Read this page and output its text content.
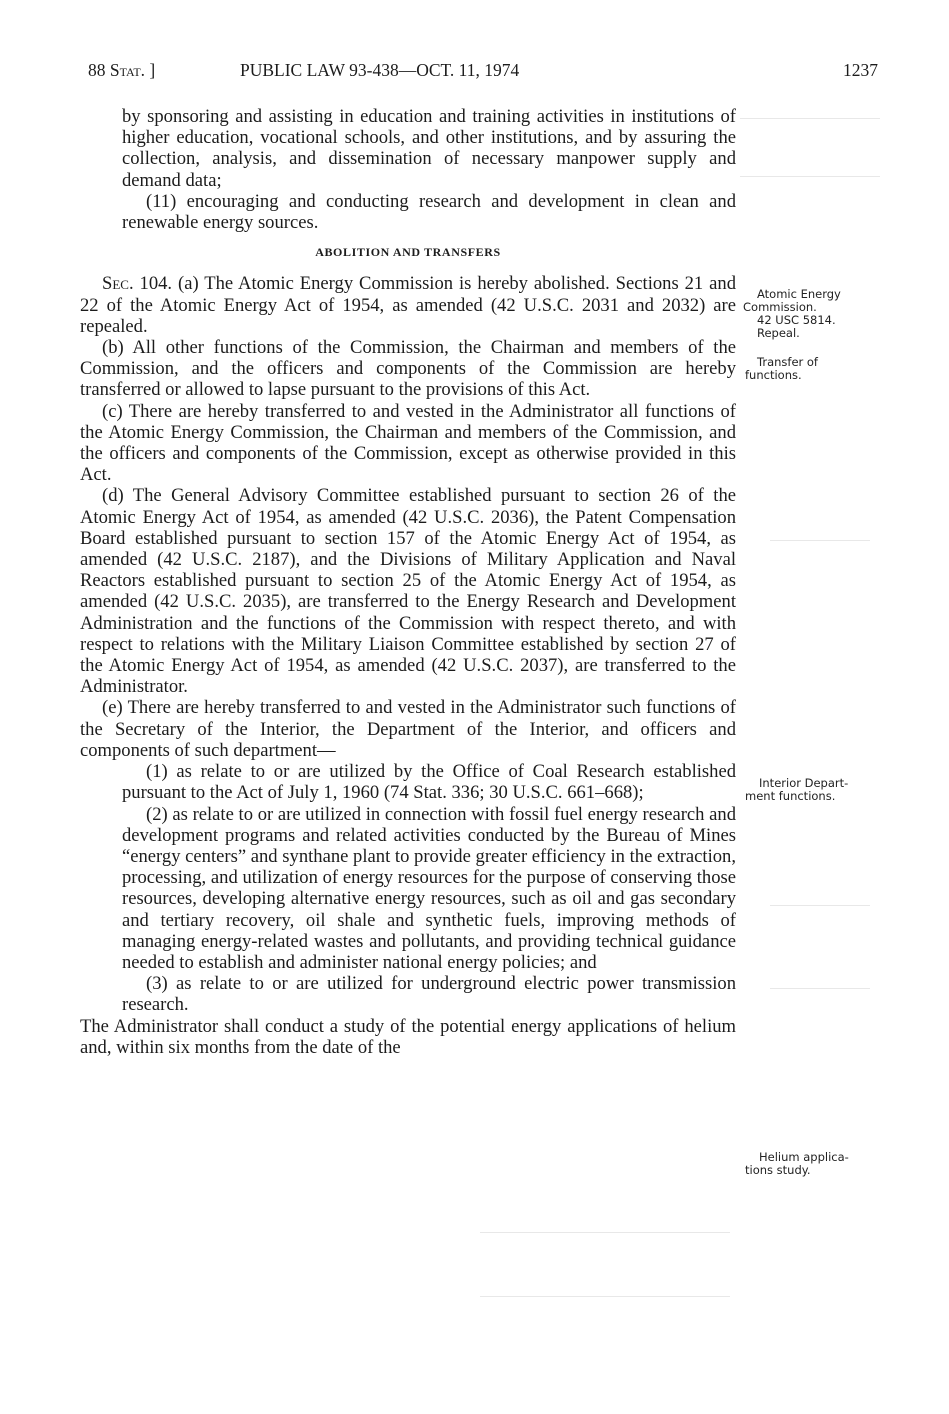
88 Stat. ]	PUBLIC LAW 93-438—OCT. 11, 1974	1237

by sponsoring and assisting in education and training activities in institutions of higher education, vocational schools, and other institutions, and by assuring the collection, analysis, and dissemination of necessary manpower supply and demand data;

(11) encouraging and conducting research and development in clean and renewable energy sources.

ABOLITION AND TRANSFERS

Sec. 104. (a) The Atomic Energy Commission is hereby abolished. Sections 21 and 22 of the Atomic Energy Act of 1954, as amended (42 U.S.C. 2031 and 2032) are repealed.

(b) All other functions of the Commission, the Chairman and members of the Commission, and the officers and components of the Commission are hereby transferred or allowed to lapse pursuant to the provisions of this Act.

(c) There are hereby transferred to and vested in the Administrator all functions of the Atomic Energy Commission, the Chairman and members of the Commission, and the officers and components of the Commission, except as otherwise provided in this Act.

(d) The General Advisory Committee established pursuant to section 26 of the Atomic Energy Act of 1954, as amended (42 U.S.C. 2036), the Patent Compensation Board established pursuant to section 157 of the Atomic Energy Act of 1954, as amended (42 U.S.C. 2187), and the Divisions of Military Application and Naval Reactors established pursuant to section 25 of the Atomic Energy Act of 1954, as amended (42 U.S.C. 2035), are transferred to the Energy Research and Development Administration and the functions of the Commission with respect thereto, and with respect to relations with the Military Liaison Committee established by section 27 of the Atomic Energy Act of 1954, as amended (42 U.S.C. 2037), are transferred to the Administrator.

(e) There are hereby transferred to and vested in the Administrator such functions of the Secretary of the Interior, the Department of the Interior, and officers and components of such department—

(1) as relate to or are utilized by the Office of Coal Research established pursuant to the Act of July 1, 1960 (74 Stat. 336; 30 U.S.C. 661–668);

(2) as relate to or are utilized in connection with fossil fuel energy research and development programs and related activities conducted by the Bureau of Mines “energy centers” and synthane plant to provide greater efficiency in the extraction, processing, and utilization of energy resources for the purpose of conserving those resources, developing alternative energy resources, such as oil and gas secondary and tertiary recovery, oil shale and synthetic fuels, improving methods of managing energy-related wastes and pollutants, and providing technical guidance needed to establish and administer national energy policies; and

(3) as relate to or are utilized for underground electric power transmission research.

The Administrator shall conduct a study of the potential energy applications of helium and, within six months from the date of the

Atomic Energy
Commission.
42 USC 5814.
Repeal.
Transfer of
functions.
Interior Depart-
ment functions.
Helium applica-
tions study.
